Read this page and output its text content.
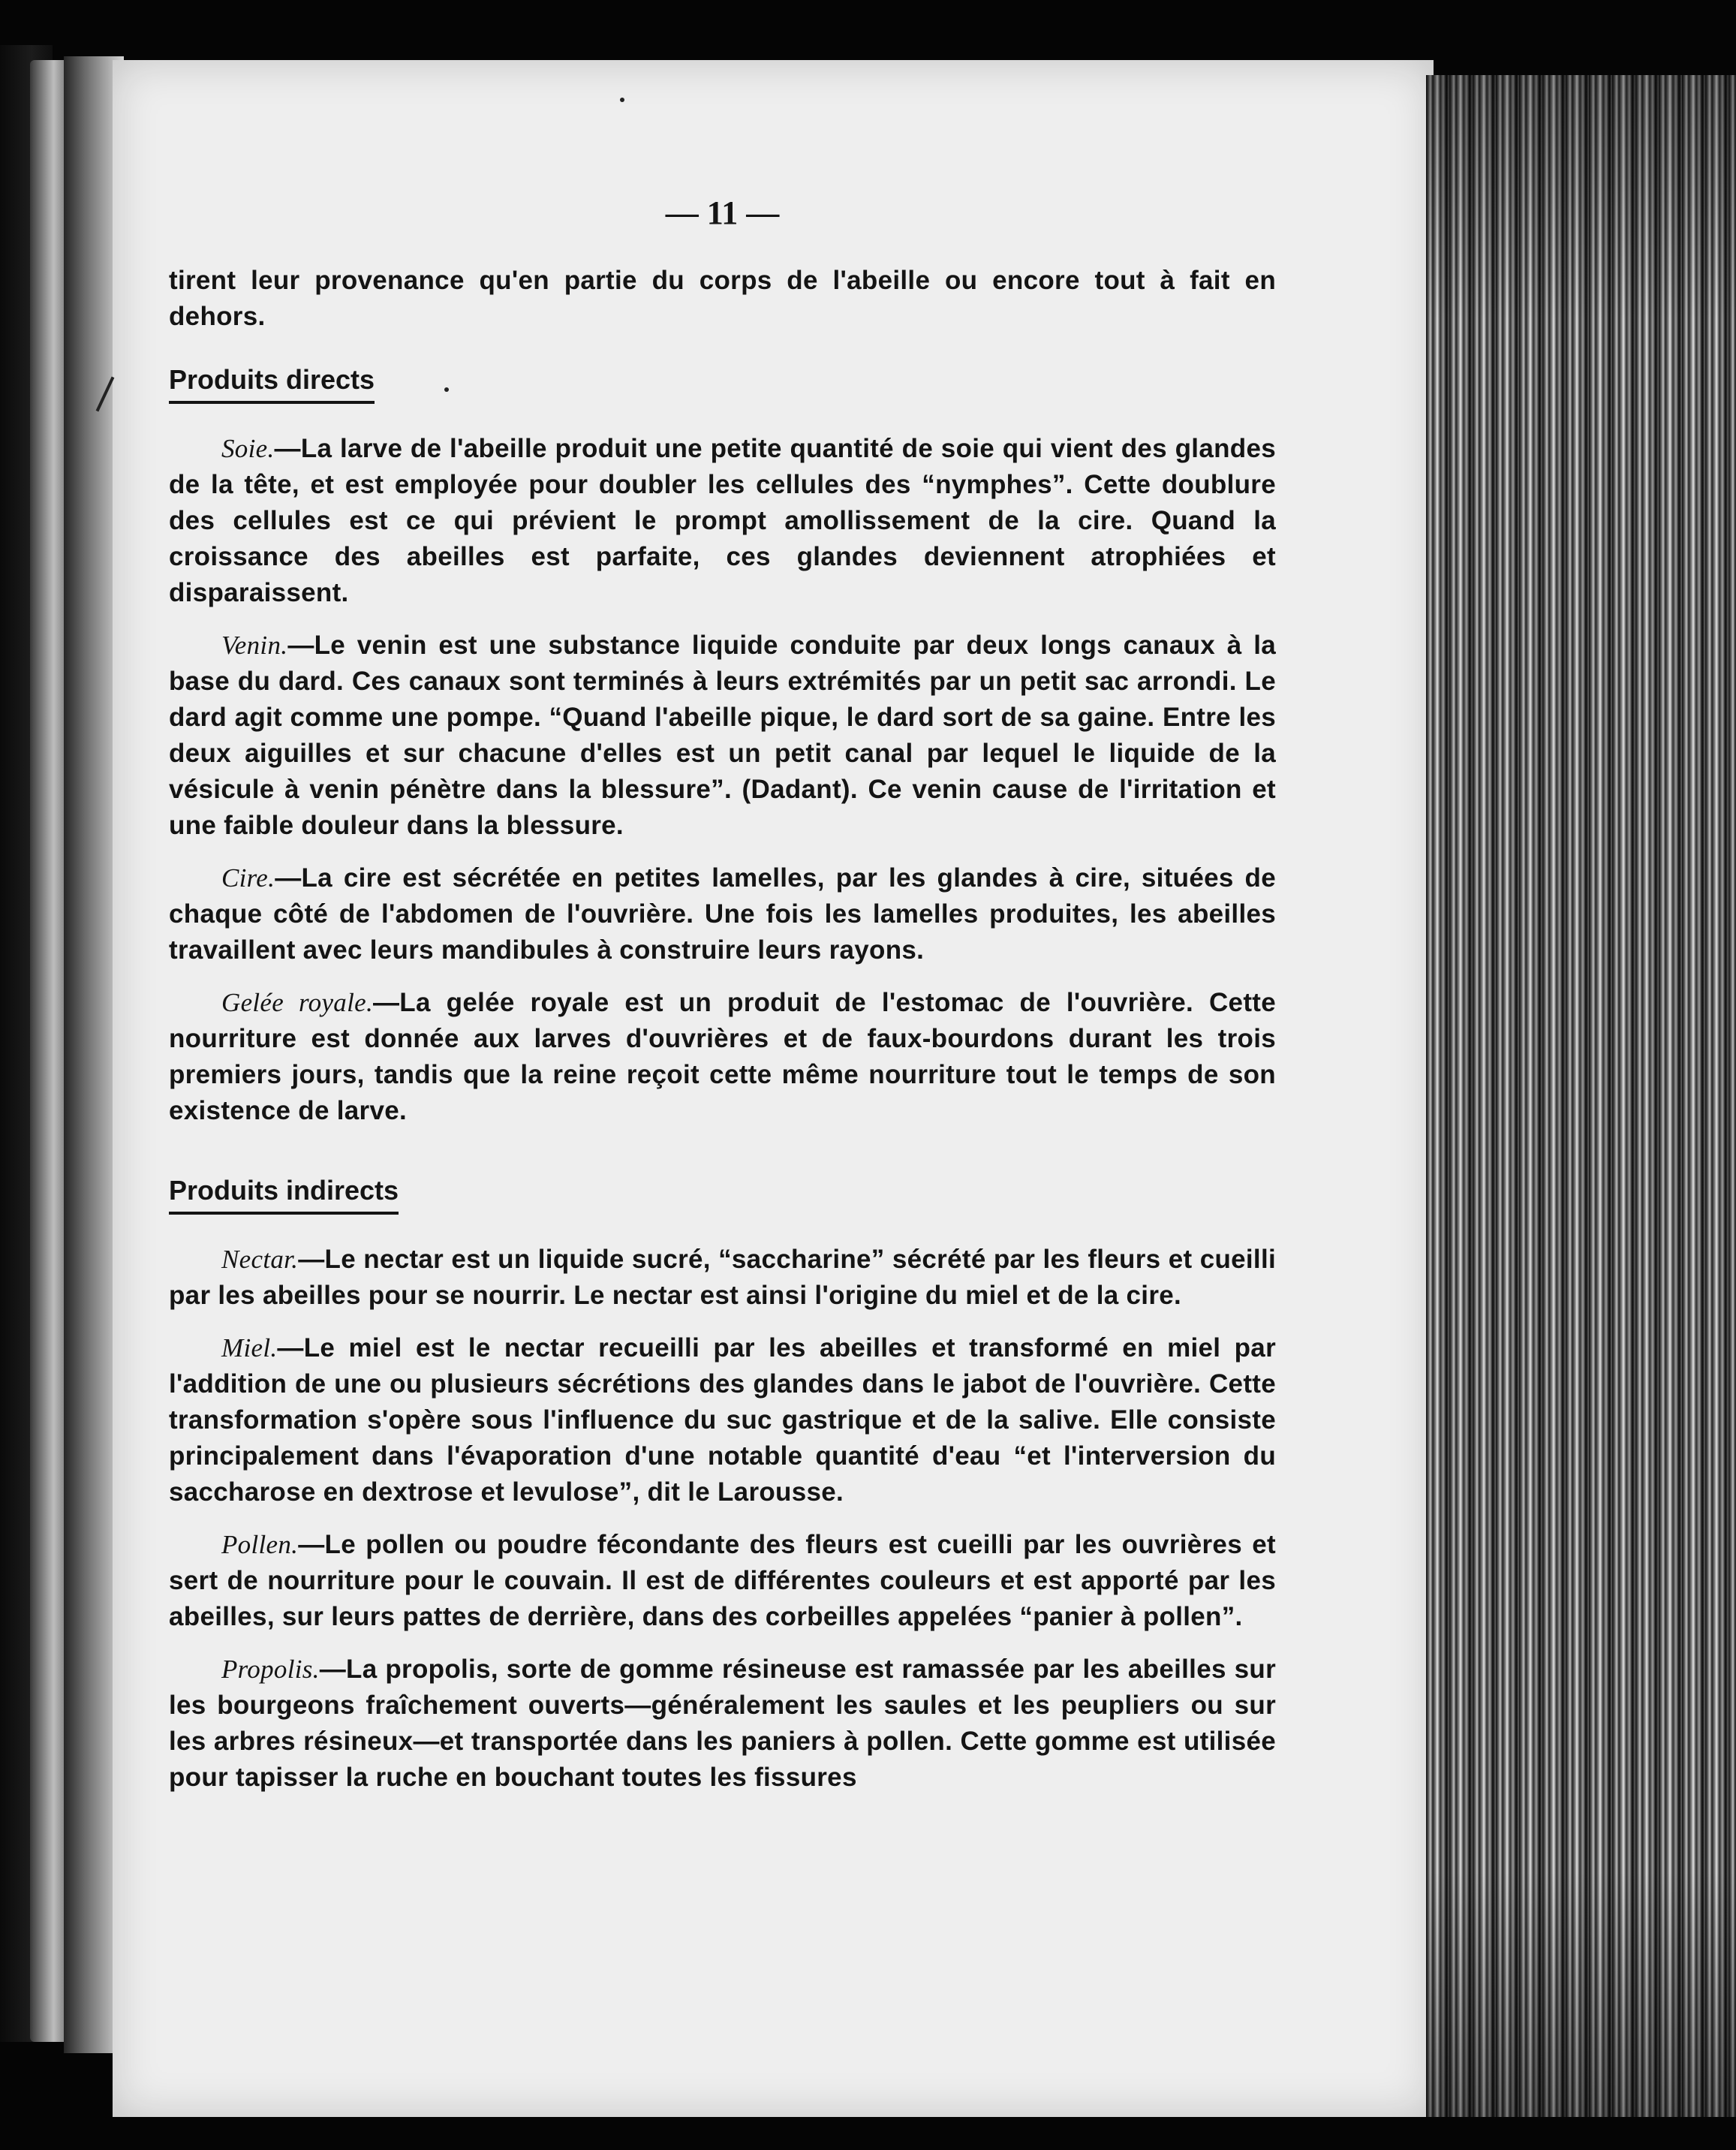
— 11 —

tirent leur provenance qu'en partie du corps de l'abeille ou encore tout à fait en dehors.

Produits directs

Soie.—La larve de l'abeille produit une petite quantité de soie qui vient des glandes de la tête, et est employée pour doubler les cellules des “nymphes”. Cette doublure des cellules est ce qui prévient le prompt amollissement de la cire. Quand la croissance des abeilles est parfaite, ces glandes deviennent atrophiées et disparaissent.

Venin.—Le venin est une substance liquide conduite par deux longs canaux à la base du dard. Ces canaux sont terminés à leurs extrémités par un petit sac arrondi. Le dard agit comme une pompe. “Quand l'abeille pique, le dard sort de sa gaine. Entre les deux aiguilles et sur chacune d'elles est un petit canal par lequel le liquide de la vésicule à venin pénètre dans la blessure”. (Dadant). Ce venin cause de l'irritation et une faible douleur dans la blessure.

Cire.—La cire est sécrétée en petites lamelles, par les glandes à cire, situées de chaque côté de l'abdomen de l'ouvrière. Une fois les lamelles produites, les abeilles travaillent avec leurs mandibules à construire leurs rayons.

Gelée royale.—La gelée royale est un produit de l'estomac de l'ouvrière. Cette nourriture est donnée aux larves d'ouvrières et de faux-bourdons durant les trois premiers jours, tandis que la reine reçoit cette même nourriture tout le temps de son existence de larve.

Produits indirects

Nectar.—Le nectar est un liquide sucré, “saccharine” sécrété par les fleurs et cueilli par les abeilles pour se nourrir. Le nectar est ainsi l'origine du miel et de la cire.

Miel.—Le miel est le nectar recueilli par les abeilles et transformé en miel par l'addition de une ou plusieurs sécrétions des glandes dans le jabot de l'ouvrière. Cette transformation s'opère sous l'influence du suc gastrique et de la salive. Elle consiste principalement dans l'évaporation d'une notable quantité d'eau “et l'interversion du saccharose en dextrose et levulose”, dit le Larousse.

Pollen.—Le pollen ou poudre fécondante des fleurs est cueilli par les ouvrières et sert de nourriture pour le couvain. Il est de différentes couleurs et est apporté par les abeilles, sur leurs pattes de derrière, dans des corbeilles appelées “panier à pollen”.

Propolis.—La propolis, sorte de gomme résineuse est ramassée par les abeilles sur les bourgeons fraîchement ouverts—généralement les saules et les peupliers ou sur les arbres résineux—et transportée dans les paniers à pollen. Cette gomme est utilisée pour tapisser la ruche en bouchant toutes les fissures
